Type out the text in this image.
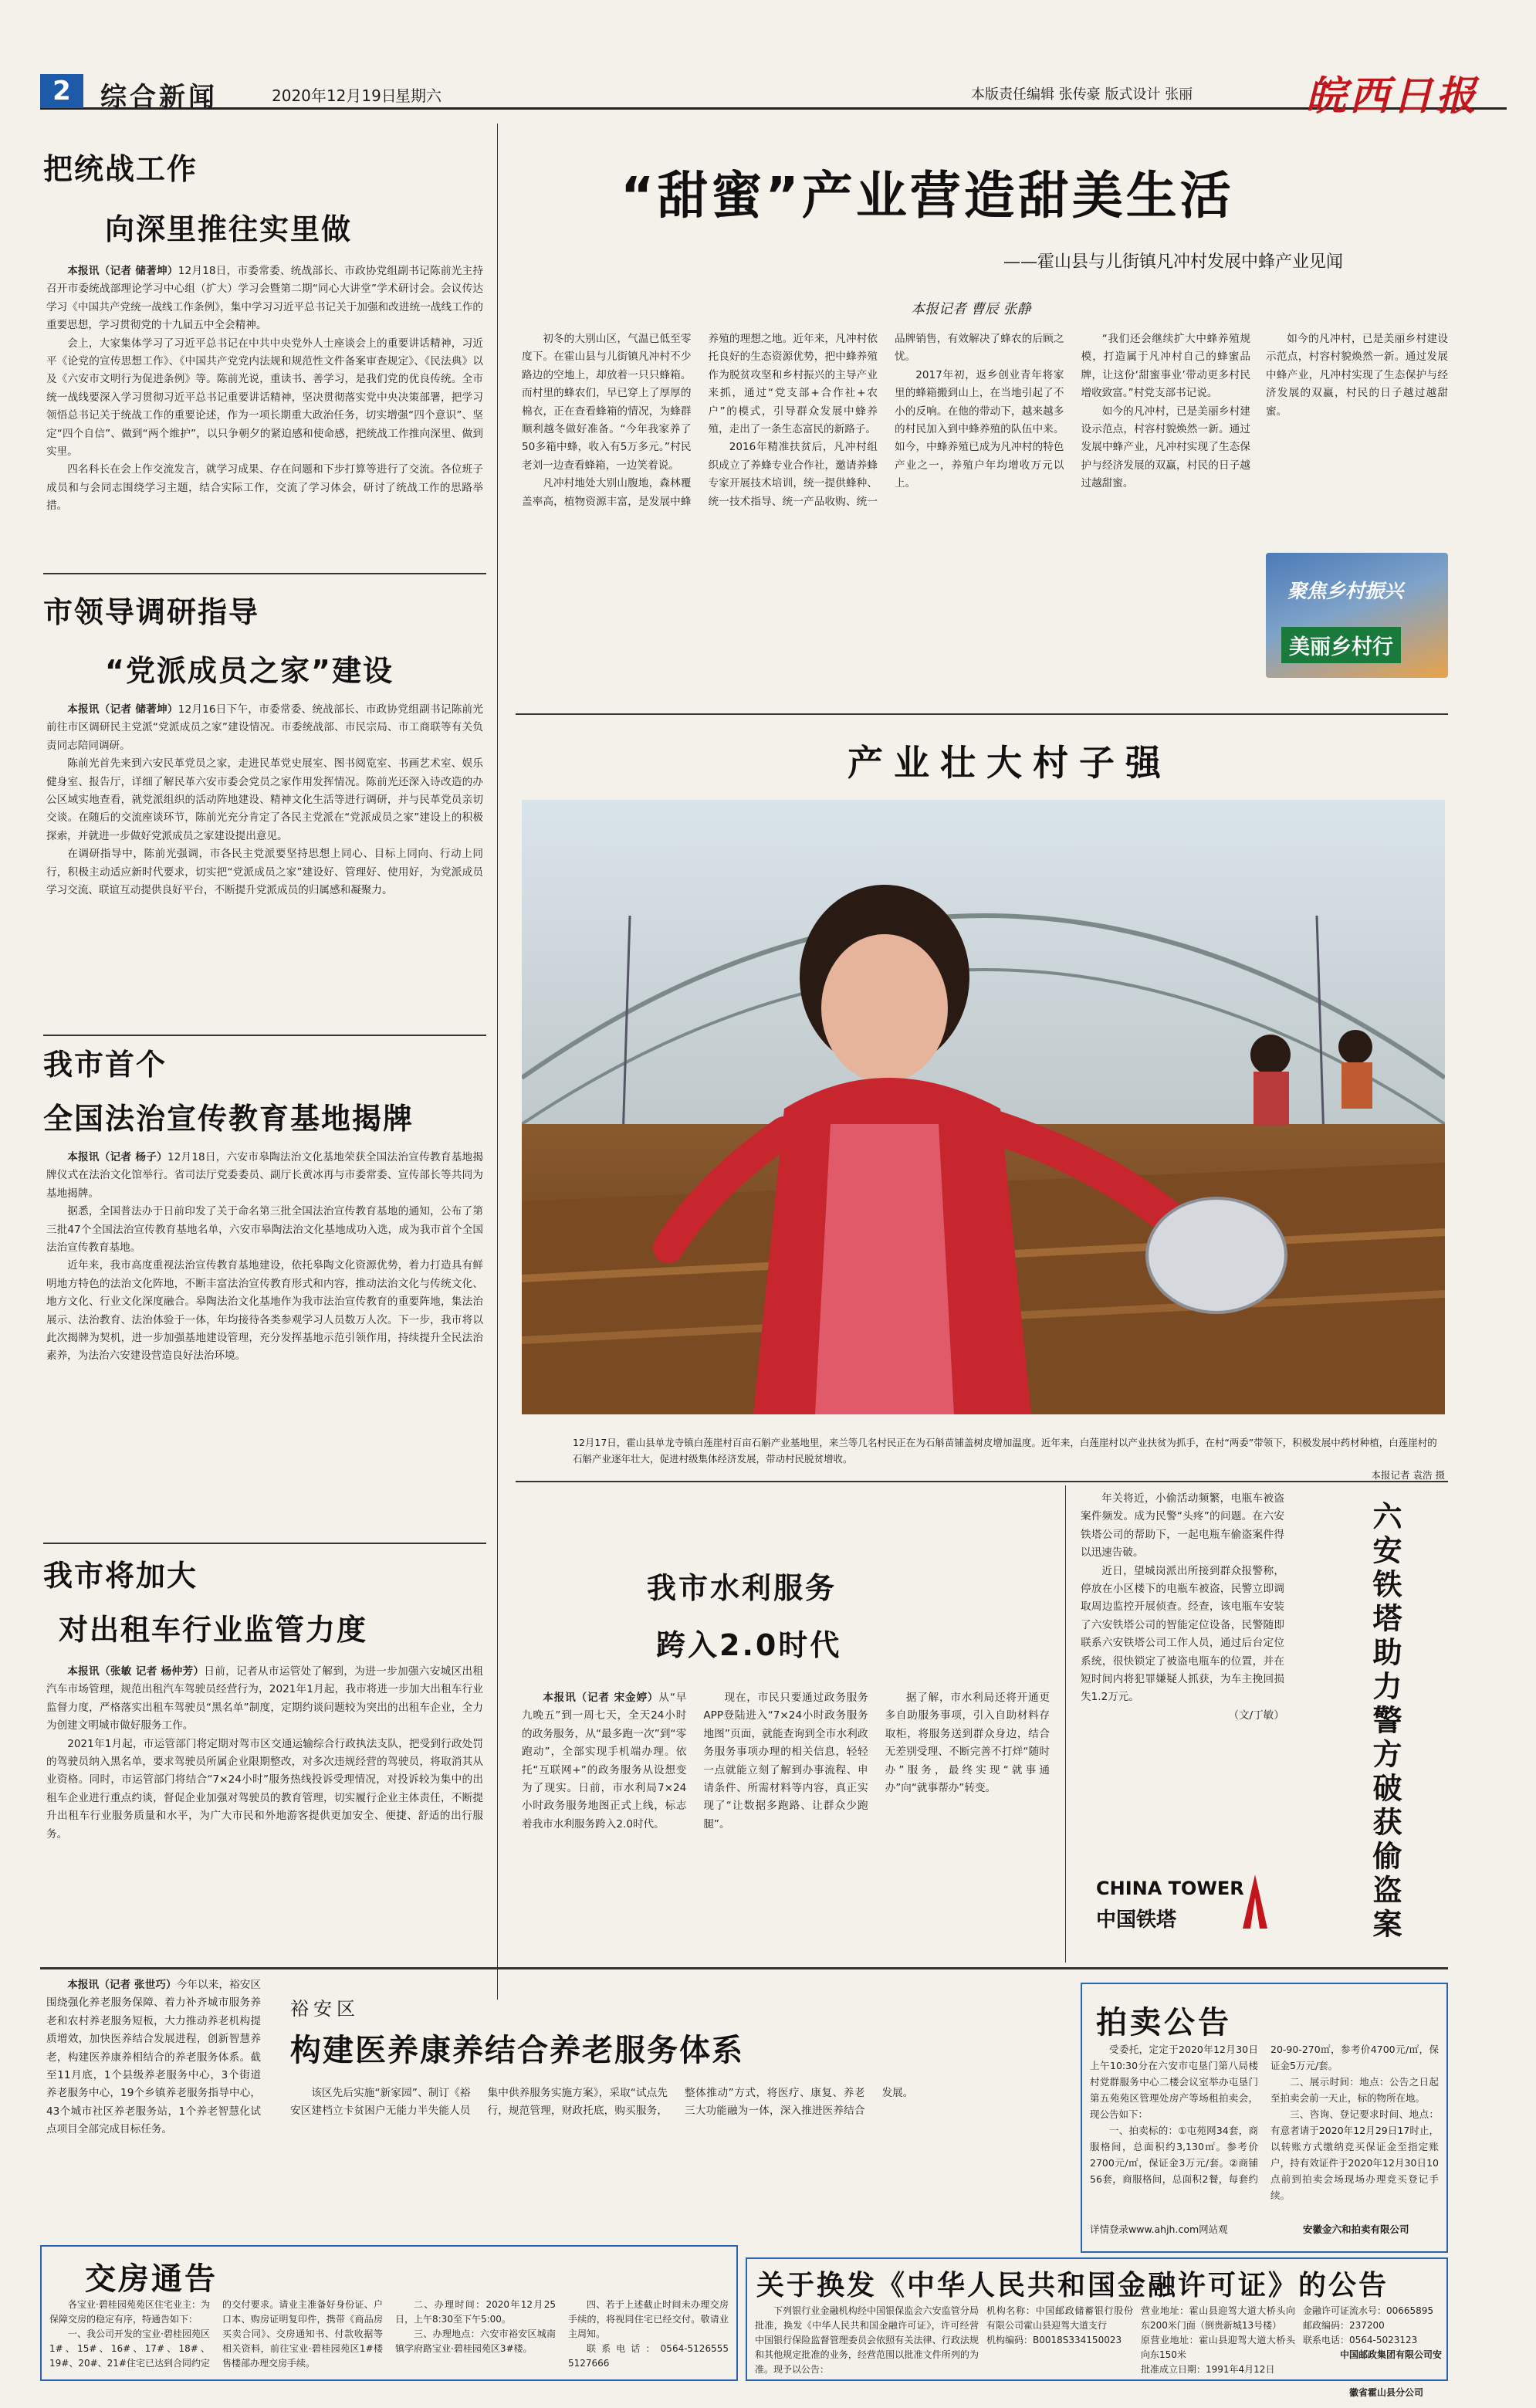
2	综合新闻	2020年12月19日
星期六	本版责任编辑 张传豪 版式设计 张丽	皖西日报
把统战工作
向深里推往实里做

本报讯（记者 储著坤）12月18日，市委常委、统战部长、市政协党组副书记陈前光主持召开市委统战部理论学习中心组（扩大）学习会暨第二期“同心大讲堂”学术研讨会。会议传达学习《中国共产党统一战线工作条例》，集中学习习近平总书记关于加强和改进统一战线工作的重要思想，学习贯彻党的十九届五中全会精神。

会上，大家集体学习了习近平总书记在中共中央党外人士座谈会上的重要讲话精神，习近平《论党的宣传思想工作》、《中国共产党党内法规和规范性文件备案审查规定》、《民法典》以及《六安市文明行为促进条例》等。陈前光说，重读书、善学习，是我们党的优良传统。全市统一战线要深入学习贯彻习近平总书记重要讲话精神，坚决贯彻落实党中央决策部署，把学习领悟总书记关于统战工作的重要论述，作为一项长期重大政治任务，切实增强“四个意识”、坚定“四个自信”、做到“两个维护”，以只争朝夕的紧迫感和使命感，把统战工作推向深里、做到实里。

四名科长在会上作交流发言，就学习成果、存在问题和下步打算等进行了交流。各位班子成员和与会同志围绕学习主题，结合实际工作，交流了学习体会，研讨了统战工作的思路举措。

市领导调研指导
“党派成员之家”建设

本报讯（记者 储著坤）12月16日下午，市委常委、统战部长、市政协党组副书记陈前光前往市区调研民主党派“党派成员之家”建设情况。市委统战部、市民宗局、市工商联等有关负责同志陪同调研。

陈前光首先来到六安民革党员之家，走进民革党史展室、图书阅览室、书画艺术室、娱乐健身室、报告厅，详细了解民革六安市委会党员之家作用发挥情况。陈前光还深入诗改造的办公区域实地查看，就党派组织的活动阵地建设、精神文化生活等进行调研，并与民革党员亲切交谈。在随后的交流座谈环节，陈前光充分肯定了各民主党派在“党派成员之家”建设上的积极探索，并就进一步做好党派成员之家建设提出意见。

在调研指导中，陈前光强调，市各民主党派要坚持思想上同心、目标上同向、行动上同行，积极主动适应新时代要求，切实把“党派成员之家”建设好、管理好、使用好，为党派成员学习交流、联谊互动提供良好平台，不断提升党派成员的归属感和凝聚力。

我市首个
全国法治宣传教育基地揭牌

本报讯（记者 杨子）12月18日，六安市皋陶法治文化基地荣获全国法治宣传教育基地揭牌仪式在法治文化馆举行。省司法厅党委委员、副厅长黄冰再与市委常委、宣传部长等共同为基地揭牌。

据悉，全国普法办于日前印发了关于命名第三批全国法治宣传教育基地的通知，公布了第三批47个全国法治宣传教育基地名单，六安市皋陶法治文化基地成功入选，成为我市首个全国法治宣传教育基地。

近年来，我市高度重视法治宣传教育基地建设，依托皋陶文化资源优势，着力打造具有鲜明地方特色的法治文化阵地，不断丰富法治宣传教育形式和内容，推动法治文化与传统文化、地方文化、行业文化深度融合。皋陶法治文化基地作为我市法治宣传教育的重要阵地，集法治展示、法治教育、法治体验于一体，年均接待各类参观学习人员数万人次。下一步，我市将以此次揭牌为契机，进一步加强基地建设管理，充分发挥基地示范引领作用，持续提升全民法治素养，为法治六安建设营造良好法治环境。

我市将加大
对出租车行业监管力度

本报讯（张敏 记者 杨仲芳）日前，记者从市运管处了解到，为进一步加强六安城区出租汽车市场管理，规范出租汽车驾驶员经营行为，2021年1月起，我市将进一步加大出租车行业监督力度，严格落实出租车驾驶员“黑名单”制度，定期约谈问题较为突出的出租车企业，全力为创建文明城市做好服务工作。

2021年1月起，市运管部门将定期对驾市区交通运输综合行政执法支队，把受到行政处罚的驾驶员纳入黑名单，要求驾驶员所属企业限期整改，对多次违规经营的驾驶员，将取消其从业资格。同时，市运管部门将结合“7×24小时”服务热线投诉受理情况，对投诉较为集中的出租车企业进行重点约谈，督促企业加强对驾驶员的教育管理，切实履行企业主体责任，不断提升出租车行业服务质量和水平，为广大市民和外地游客提供更加安全、便捷、舒适的出行服务。

“甜蜜”产业营造甜美生活
——霍山县与儿街镇凡冲村发展中蜂产业见闻
本报记者 曹辰 张静

初冬的大别山区，气温已低至零度下。在霍山县与儿街镇凡冲村不少路边的空地上，却放着一只只蜂箱。而村里的蜂农们，早已穿上了厚厚的棉衣，正在查看蜂箱的情况，为蜂群顺利越冬做好准备。“今年我家养了50多箱中蜂，收入有5万多元。”村民老刘一边查看蜂箱，一边笑着说。

凡冲村地处大别山腹地，森林覆盖率高，植物资源丰富，是发展中蜂养殖的理想之地。近年来，凡冲村依托良好的生态资源优势，把中蜂养殖作为脱贫攻坚和乡村振兴的主导产业来抓，通过“党支部+合作社+农户”的模式，引导群众发展中蜂养殖，走出了一条生态富民的新路子。

2016年精准扶贫后，凡冲村组织成立了养蜂专业合作社，邀请养蜂专家开展技术培训，统一提供蜂种、统一技术指导、统一产品收购、统一品牌销售，有效解决了蜂农的后顾之忧。

2017年初，返乡创业青年将家里的蜂箱搬到山上，在当地引起了不小的反响。在他的带动下，越来越多的村民加入到中蜂养殖的队伍中来。如今，中蜂养殖已成为凡冲村的特色产业之一，养殖户年均增收万元以上。

“我们还会继续扩大中蜂养殖规模，打造属于凡冲村自己的蜂蜜品牌，让这份‘甜蜜事业’带动更多村民增收致富。”村党支部书记说。

如今的凡冲村，已是美丽乡村建设示范点，村容村貌焕然一新。通过发展中蜂产业，凡冲村实现了生态保护与经济发展的双赢，村民的日子越过越甜蜜。

如今的凡冲村，已是美丽乡村建设示范点，村容村貌焕然一新。通过发展中蜂产业，凡冲村实现了生态保护与经济发展的双赢，村民的日子越过越甜蜜。

聚焦乡村振兴
美丽乡村行
产业壮大村子强
12月17日，霍山县单龙寺镇白莲崖村百亩石斛产业基地里，来兰等几名村民正在为石斛苗铺盖树皮增加温度。近年来，白莲崖村以产业扶贫为抓手，在村“两委”带领下，积极发展中药材种植，白莲崖村的石斛产业逐年壮大，促进村级集体经济发展，带动村民脱贫增收。
本报记者 袁浩 摄
我市水利服务
跨入2.0时代

本报讯（记者 宋金婷）从“早九晚五”到一周七天，全天24小时的政务服务，从“最多跑一次”到“零跑动”，全部实现手机端办理。依托“互联网+”的政务服务从设想变为了现实。日前，市水利局7×24小时政务服务地图正式上线，标志着我市水利服务跨入2.0时代。

现在，市民只要通过政务服务APP登陆进入“7×24小时政务服务地图”页面，就能查询到全市水利政务服务事项办理的相关信息，轻轻一点就能立刻了解到办事流程、申请条件、所需材料等内容，真正实现了“让数据多跑路、让群众少跑腿”。

据了解，市水利局还将开通更多自助服务事项，引入自助材料存取柜，将服务送到群众身边，结合无差别受理、不断完善不打烊“随时办”服务，最终实现“就事通办”向“就事帮办”转变。

年关将近，小偷活动频繁，电瓶车被盗案件频发。成为民警“头疼”的问题。在六安铁塔公司的帮助下，一起电瓶车偷盗案件得以迅速告破。

近日，望城岗派出所接到群众报警称，停放在小区楼下的电瓶车被盗，民警立即调取周边监控开展侦查。经查，该电瓶车安装了六安铁塔公司的智能定位设备，民警随即联系六安铁塔公司工作人员，通过后台定位系统，很快锁定了被盗电瓶车的位置，并在短时间内将犯罪嫌疑人抓获，为车主挽回损失1.2万元。

（文/丁敏）	六安铁塔助力警方破获偷盗案
CHINA TOWER
中国铁塔

本报讯（记者 张世巧）今年以来，裕安区围绕强化养老服务保障、着力补齐城市服务养老和农村养老服务短板，大力推动养老机构提质增效，加快医养结合发展进程，创新智慧养老，构建医养康养相结合的养老服务体系。截至11月底，1个县级养老服务中心，3个街道养老服务中心，19个乡镇养老服务指导中心，43个城市社区养老服务站，1个养老智慧化试点项目全部完成目标任务。

裕安区
构建医养康养结合养老服务体系

该区先后实施“新家园”、制订《裕安区建档立卡贫困户无能力半失能人员集中供养服务实施方案》，采取“试点先行，规范管理，财政托底，购买服务，整体推动”方式，将医疗、康复、养老三大功能融为一体，深入推进医养结合发展。

拍卖公告

受委托，定定于2020年12月30日上午10:30分在六安市屯垦门第八局楼村党群服务中心二楼会议室举办屯垦门第五苑苑区管理处房产等场租拍卖会，现公告如下：

一、拍卖标的：①屯苑网34套，商服格间，总面积约3,130㎡。参考价2700元/㎡，保证金3万元/套。②商铺56套，商服格间，总面积2餐，每套约20-90-270㎡，参考价4700元/㎡，保证金5万元/套。

二、展示时间：地点：公告之日起至拍卖会前一天止，标的物所在地。

三、咨询、登记要求时间、地点：有意者请于2020年12月29日17时止，以转账方式缴纳竞买保证金至指定账户，持有效证件于2020年12月30日10点前到拍卖会场现场办理竞买登记手续。

详情登录www.ahjh.com网站观	安徽金六和拍卖有限公司
交房通告

各宝业·碧桂园苑苑区住宅业主：为保障交房的稳定有序，特通告如下：

一、我公司开发的宝业·碧桂园苑区1#、15#、16#、17#、18#、19#、20#、21#住宅已达到合同约定的交付要求。请业主准备好身份证、户口本、购房证明复印件，携带《商品房买卖合同》、交房通知书、付款收据等相关资料，前往宝业·碧桂园苑区1#楼售楼部办理交房手续。

二、办理时间：2020年12月25日，上午8:30至下午5:00。

三、办理地点：六安市裕安区城南镇学府路宝业·碧桂园苑区3#楼。

四、若于上述截止时间未办理交房手续的，将视同住宅已经交付。敬请业主周知。

联系电话：0564-5126555 5127666

关于换发《中华人民共和国金融许可证》的公告

下列银行业金融机构经中国银保监会六安监管分局批准，换发《中华人民共和国金融许可证》，许可经营中国银行保险监督管理委员会依照有关法律、行政法规和其他规定批准的业务，经营范围以批准文件所列的为准。现予以公告：

机构名称：中国邮政储蓄银行股份有限公司霍山县迎驾大道支行
机构编码：B0018S334150023
营业地址：霍山县迎驾大道大桥头向东200米门面（倒贵新城13号楼）
原营业地址：霍山县迎驾大道大桥头向东150米
批准成立日期：1991年4月12日
金融许可证流水号：00665895
邮政编码：237200
联系电话：0564-5023123
中国邮政集团有限公司安
徽省霍山县分公司
